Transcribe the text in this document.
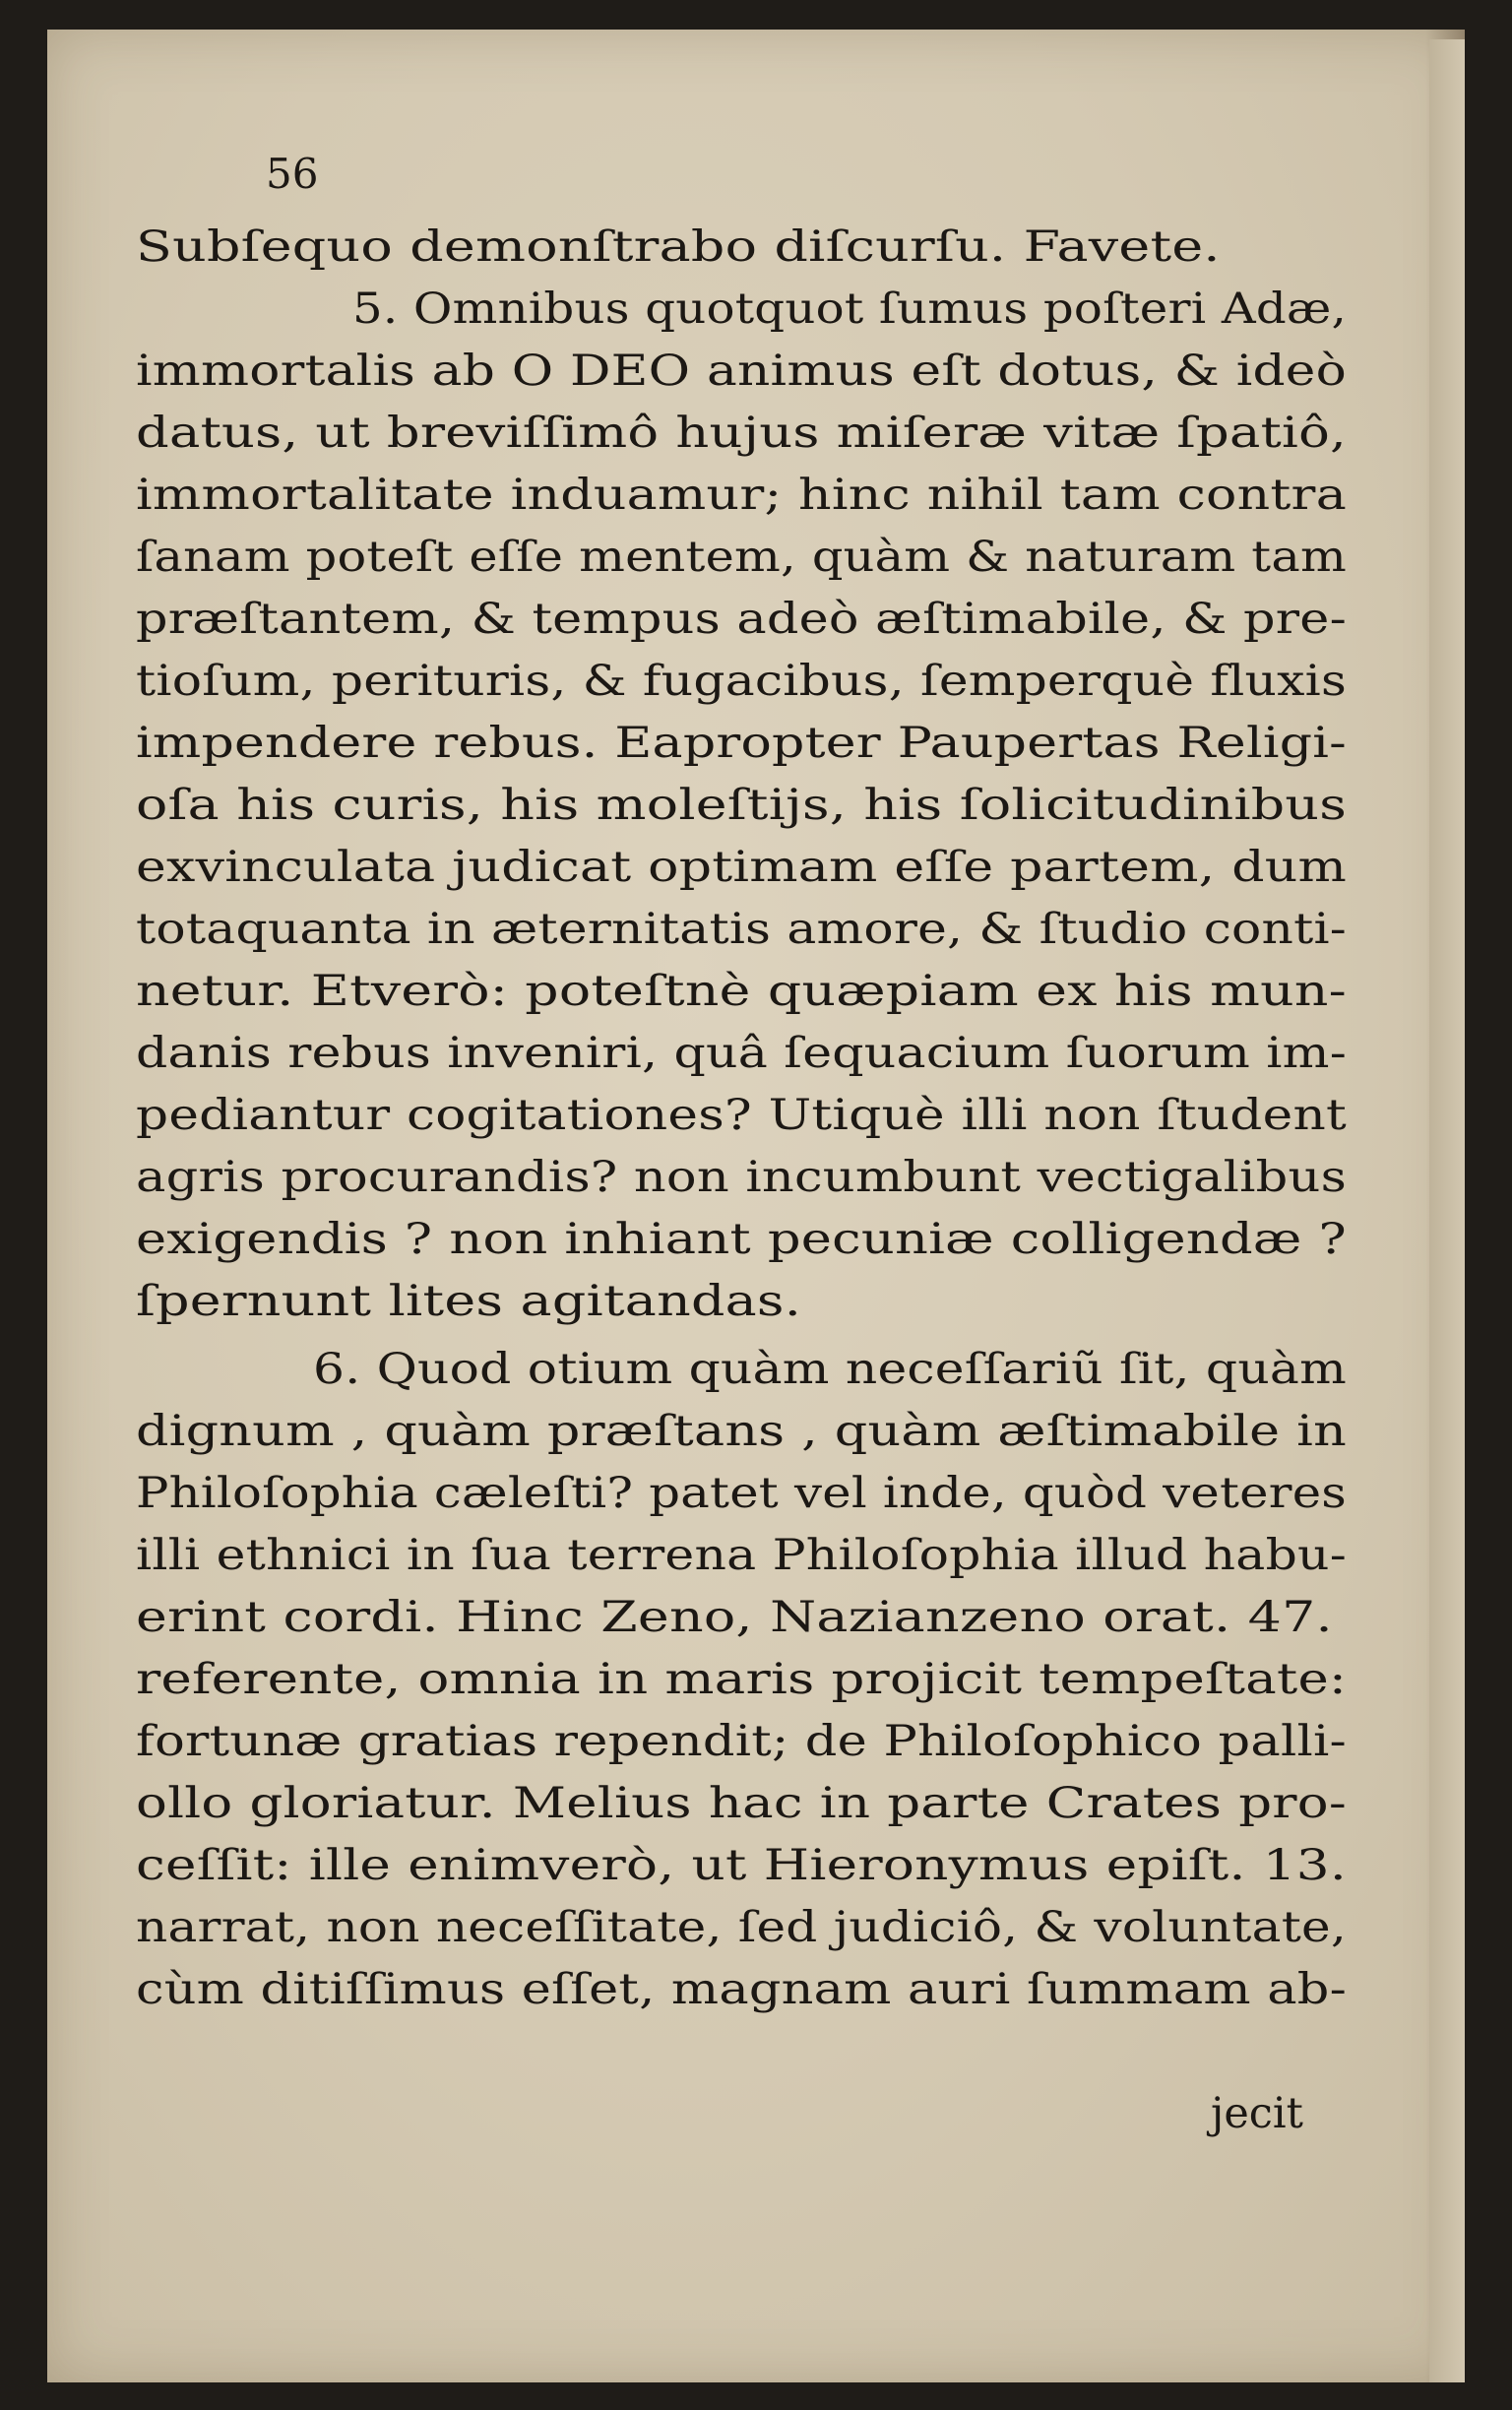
56
Subſequo demonſtrabo diſcurſu. Favete.
5. Omnibus quotquot ſumus poſteri Adæ,
immortalis ab O DEO animus eſt dotus, & ideò
datus, ut breviſſimô hujus miſeræ vitæ ſpatiô,
immortalitate induamur; hinc nihil tam contra
ſanam poteſt eſſe mentem, quàm & naturam tam
præſtantem, & tempus adeò æſtimabile, & pre-
tioſum, perituris, & fugacibus, ſemperquè fluxis
impendere rebus. Eapropter Paupertas Religi-
oſa his curis, his moleſtijs, his ſolicitudinibus
exvinculata judicat optimam eſſe partem, dum
totaquanta in æternitatis amore, & ſtudio conti-
netur. Etverò: poteſtnè quæpiam ex his mun-
danis rebus inveniri, quâ ſequacium ſuorum im-
pediantur cogitationes? Utiquè illi non ſtudent
agris procurandis? non incumbunt vectigalibus
exigendis ? non inhiant pecuniæ colligendæ ?
ſpernunt lites agitandas.
6. Quod otium quàm neceſſariũ ſit, quàm
dignum , quàm præſtans , quàm æſtimabile in
Philoſophia cæleſti? patet vel inde, quòd veteres
illi ethnici in ſua terrena Philoſophia illud habu-
erint cordi. Hinc Zeno, Nazianzeno orat. 47.
referente, omnia in maris projicit tempeſtate:
fortunæ gratias rependit; de Philoſophico palli-
ollo gloriatur. Melius hac in parte Crates pro-
ceſſit: ille enimverò, ut Hieronymus epiſt. 13.
narrat, non neceſſitate, ſed judiciô, & voluntate,
cùm ditiſſimus eſſet, magnam auri ſummam ab-
jecit
